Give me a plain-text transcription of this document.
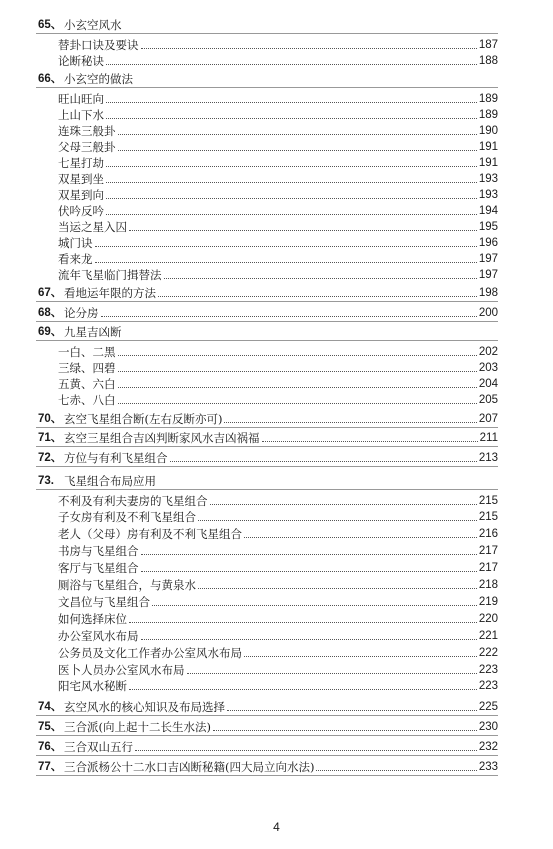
65、 小玄空风水
替卦口诀及要诀	187
论断秘诀	188
66、 小玄空的做法
旺山旺向	189
上山下水	189
连珠三般卦	190
父母三般卦	191
七星打劫	191
双星到坐	193
双星到向	193
伏吟反吟	194
当运之星入囚	195
城门诀	196
看来龙	197
流年飞星临门揖替法	197
67、 看地运年限的方法	198
68、 论分房	200
69、 九星吉凶断
一白、二黑	202
三绿、四碧	203
五黄、六白	204
七赤、八白	205
70、 玄空飞星组合断(左右反断亦可)	207
71、 玄空三星组合吉凶判断家风水吉凶祸福	211
72、 方位与有利飞星组合	213
73. 飞星组合布局应用
不利及有利夫妻房的飞星组合	215
子女房有利及不利飞星组合	215
老人（父母）房有利及不利飞星组合	216
书房与飞星组合	217
客厅与飞星组合	217
厕浴与飞星组合，与黄泉水	218
文昌位与飞星组合	219
如何选择床位	220
办公室风水布局	221
公务员及文化工作者办公室风水布局	222
医卜人员办公室风水布局	223
阳宅风水秘断	223
74、 玄空风水的核心知识及布局选择	225
75、 三合派(向上起十二长生水法)	230
76、 三合双山五行	232
77、 三合派杨公十二水口吉凶断秘籍(四大局立向水法)	233
4
